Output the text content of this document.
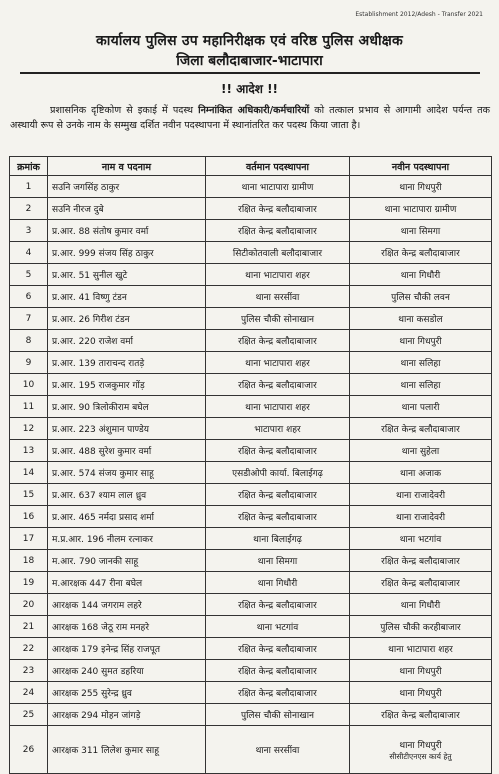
Establishment 2012/Adesh - Transfer 2021
कार्यालय पुलिस उप महानिरीक्षक एवं वरिष्ठ पुलिस अधीक्षक
जिला बलौदाबाजार-भाटापारा
!! आदेश !!
प्रशासनिक दृष्टिकोण से इकाई में पदस्थ निम्नांकित अधिकारी/कर्मचारियों को तत्काल प्रभाव से आगामी आदेश पर्यन्त तक अस्थायी रूप से उनके नाम के सम्मुख दर्शित नवीन पदस्थापना में स्थानांतरित कर पदस्थ किया जाता है।
क्रमांक	नाम व पदनाम	वर्तमान पदस्थापना	नवीन पदस्थापना
1	सउनि जगसिंह ठाकुर	थाना भाटापारा ग्रामीण	थाना गिधपुरी
2	सउनि नीरज दुबे	रक्षित केन्द्र बलौदाबाजार	थाना भाटापारा ग्रामीण
3	प्र.आर. 88 संतोष कुमार वर्मा	रक्षित केन्द्र बलौदाबाजार	थाना सिमगा
4	प्र.आर. 999 संजय सिंह ठाकुर	सिटीकोतवाली बलौदाबाजार	रक्षित केन्द्र बलौदाबाजार
5	प्र.आर. 51 सुनील खुटे	थाना भाटापारा शहर	थाना गिधौरी
6	प्र.आर. 41 विष्णु टंडन	थाना सरसींवा	पुलिस चौकी लवन
7	प्र.आर. 26 गिरीश टंडन	पुलिस चौकी सोनाखान	थाना कसडोल
8	प्र.आर. 220 राजेश वर्मा	रक्षित केन्द्र बलौदाबाजार	थाना गिधपुरी
9	प्र.आर. 139 ताराचन्द रातड़े	थाना भाटापारा शहर	थाना सलिहा
10	प्र.आर. 195 राजकुमार गोंड़	रक्षित केन्द्र बलौदाबाजार	थाना सलिहा
11	प्र.आर. 90 त्रिलोकीराम बघेल	थाना भाटापारा शहर	थाना पलारी
12	प्र.आर. 223 अंशुमान पाण्डेय	भाटापारा शहर	रक्षित केन्द्र बलौदाबाजार
13	प्र.आर. 488 सुरेश कुमार वर्मा	रक्षित केन्द्र बलौदाबाजार	थाना सुहेला
14	प्र.आर. 574 संजय कुमार साहू	एसडीओपी कार्या. बिलाईगढ़	थाना अजाक
15	प्र.आर. 637 श्याम लाल ध्रुव	रक्षित केन्द्र बलौदाबाजार	थाना राजादेवरी
16	प्र.आर. 465 नर्मदा प्रसाद शर्मा	रक्षित केन्द्र बलौदाबाजार	थाना राजादेवरी
17	म.प्र.आर. 196 नीलम रत्नाकर	थाना बिलाईगढ़	थाना भटगांव
18	म.आर. 790 जानकी साहू	थाना सिमगा	रक्षित केन्द्र बलौदाबाजार
19	म.आरक्षक 447 रीना बघेल	थाना गिधौरी	रक्षित केन्द्र बलौदाबाजार
20	आरक्षक 144 जगराम लहरे	रक्षित केन्द्र बलौदाबाजार	थाना गिधौरी
21	आरक्षक 168 जेठू राम मनहरे	थाना भटगांव	पुलिस चौकी करहीबाजार
22	आरक्षक 179 इनेन्द्र सिंह राजपूत	रक्षित केन्द्र बलौदाबाजार	थाना भाटापारा शहर
23	आरक्षक 240 सुमत डहरिया	रक्षित केन्द्र बलौदाबाजार	थाना गिधपुरी
24	आरक्षक 255 सुरेन्द्र ध्रुव	रक्षित केन्द्र बलौदाबाजार	थाना गिधपुरी
25	आरक्षक 294 मोहन जांगड़े	पुलिस चौकी सोनाखान	रक्षित केन्द्र बलौदाबाजार
26	आरक्षक 311 लिलेश कुमार साहू	थाना सरसींवा	थाना गिधपुरी
सीसीटीएनएस कार्य हेतु
